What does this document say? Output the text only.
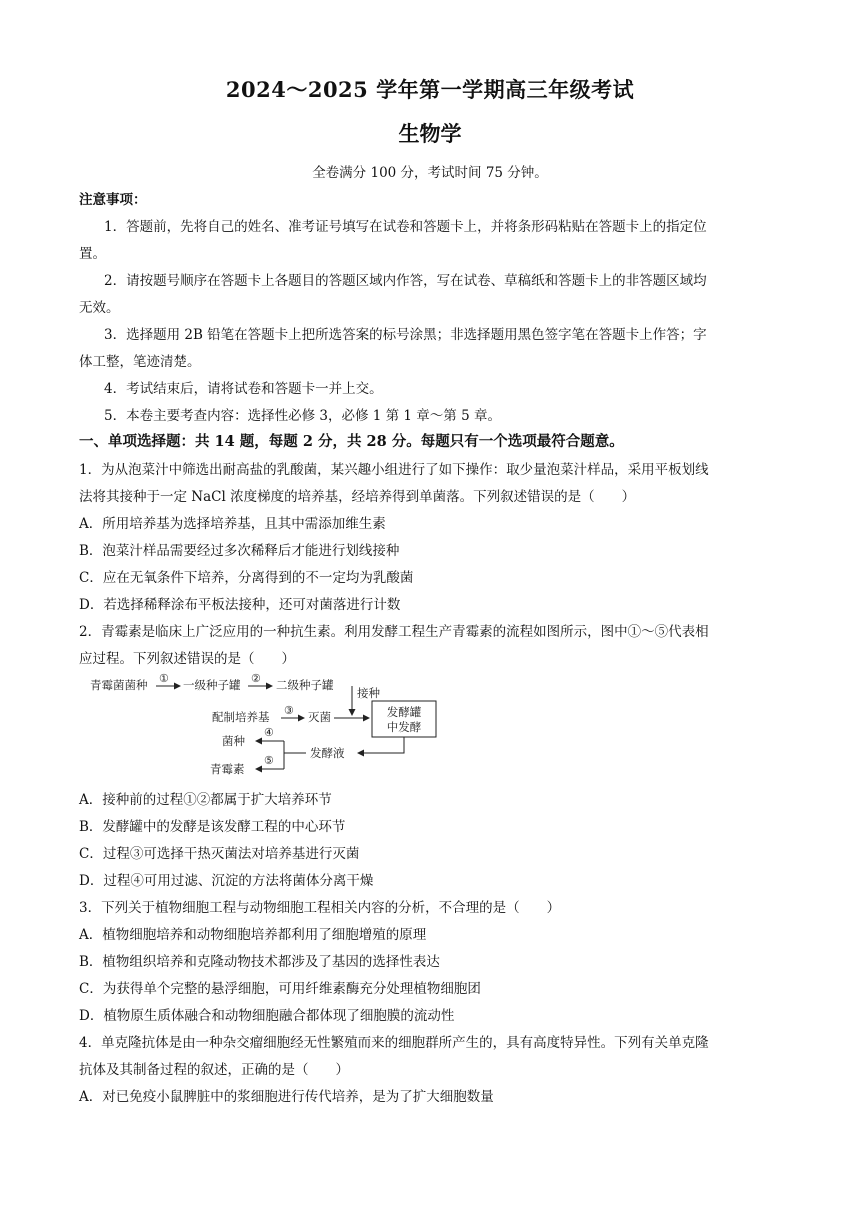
2024～2025 学年第一学期高三年级考试
生物学
全卷满分 100 分，考试时间 75 分钟。
注意事项：
1．答题前，先将自己的姓名、准考证号填写在试卷和答题卡上，并将条形码粘贴在答题卡上的指定位
置。
2．请按题号顺序在答题卡上各题目的答题区域内作答，写在试卷、草稿纸和答题卡上的非答题区域均
无效。
3．选择题用 2B 铅笔在答题卡上把所选答案的标号涂黑；非选择题用黑色签字笔在答题卡上作答；字
体工整，笔迹清楚。
4．考试结束后，请将试卷和答题卡一并上交。
5．本卷主要考查内容：选择性必修 3，必修 1 第 1 章～第 5 章。
一、单项选择题：共 14 题，每题 2 分，共 28 分。每题只有一个选项最符合题意。
1．为从泡菜汁中筛选出耐高盐的乳酸菌，某兴趣小组进行了如下操作：取少量泡菜汁样品，采用平板划线
法将其接种于一定 NaCl 浓度梯度的培养基，经培养得到单菌落。下列叙述错误的是（　　）
A．所用培养基为选择培养基，且其中需添加维生素
B．泡菜汁样品需要经过多次稀释后才能进行划线接种
C．应在无氧条件下培养，分离得到的不一定均为乳酸菌
D．若选择稀释涂布平板法接种，还可对菌落进行计数
2．青霉素是临床上广泛应用的一种抗生素。利用发酵工程生产青霉素的流程如图所示，图中①～⑤代表相
应过程。下列叙述错误的是（　　）
青霉菌菌种 ① 一级种子罐 ② 二级种子罐
接种
配制培养基 ③ 灭菌	发酵罐
中发酵
发酵液
④
菌种
⑤
青霉素
A．接种前的过程①②都属于扩大培养环节
B．发酵罐中的发酵是该发酵工程的中心环节
C．过程③可选择干热灭菌法对培养基进行灭菌
D．过程④可用过滤、沉淀的方法将菌体分离干燥
3．下列关于植物细胞工程与动物细胞工程相关内容的分析，不合理的是（　　）
A．植物细胞培养和动物细胞培养都利用了细胞增殖的原理
B．植物组织培养和克隆动物技术都涉及了基因的选择性表达
C．为获得单个完整的悬浮细胞，可用纤维素酶充分处理植物细胞团
D．植物原生质体融合和动物细胞融合都体现了细胞膜的流动性
4．单克隆抗体是由一种杂交瘤细胞经无性繁殖而来的细胞群所产生的，具有高度特异性。下列有关单克隆
抗体及其制备过程的叙述，正确的是（　　）
A．对已免疫小鼠脾脏中的浆细胞进行传代培养，是为了扩大细胞数量
